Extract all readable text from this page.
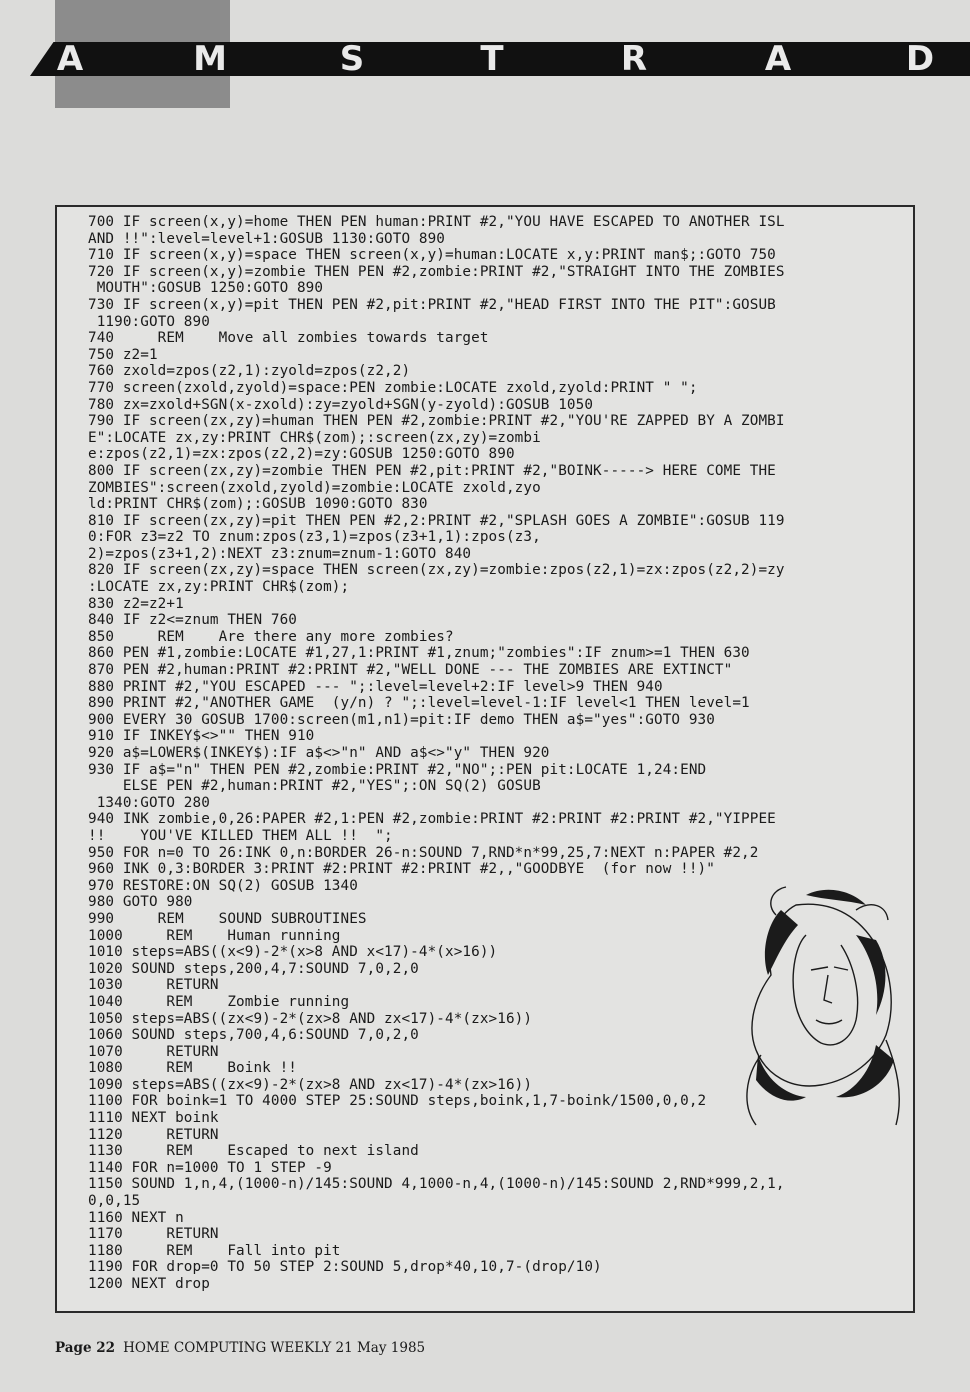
A	M	S	T	R	A	D
700 IF screen(x,y)=home THEN PEN human:PRINT #2,"YOU HAVE ESCAPED TO ANOTHER ISL
AND !!":level=level+1:GOSUB 1130:GOTO 890
710 IF screen(x,y)=space THEN screen(x,y)=human:LOCATE x,y:PRINT man$;:GOTO 750
720 IF screen(x,y)=zombie THEN PEN #2,zombie:PRINT #2,"STRAIGHT INTO THE ZOMBIES
MOUTH":GOSUB 1250:GOTO 890
730 IF screen(x,y)=pit THEN PEN #2,pit:PRINT #2,"HEAD FIRST INTO THE PIT":GOSUB
1190:GOTO 890
740     REM    Move all zombies towards target
750 z2=1
760 zxold=zpos(z2,1):zyold=zpos(z2,2)
770 screen(zxold,zyold)=space:PEN zombie:LOCATE zxold,zyold:PRINT " ";
780 zx=zxold+SGN(x-zxold):zy=zyold+SGN(y-zyold):GOSUB 1050
790 IF screen(zx,zy)=human THEN PEN #2,zombie:PRINT #2,"YOU'RE ZAPPED BY A ZOMBI
E":LOCATE zx,zy:PRINT CHR$(zom);:screen(zx,zy)=zombi
e:zpos(z2,1)=zx:zpos(z2,2)=zy:GOSUB 1250:GOTO 890
800 IF screen(zx,zy)=zombie THEN PEN #2,pit:PRINT #2,"BOINK-----> HERE COME THE
ZOMBIES":screen(zxold,zyold)=zombie:LOCATE zxold,zyo
ld:PRINT CHR$(zom);:GOSUB 1090:GOTO 830
810 IF screen(zx,zy)=pit THEN PEN #2,2:PRINT #2,"SPLASH GOES A ZOMBIE":GOSUB 119
0:FOR z3=z2 TO znum:zpos(z3,1)=zpos(z3+1,1):zpos(z3,
2)=zpos(z3+1,2):NEXT z3:znum=znum-1:GOTO 840
820 IF screen(zx,zy)=space THEN screen(zx,zy)=zombie:zpos(z2,1)=zx:zpos(z2,2)=zy
:LOCATE zx,zy:PRINT CHR$(zom);
830 z2=z2+1
840 IF z2<=znum THEN 760
850     REM    Are there any more zombies?
860 PEN #1,zombie:LOCATE #1,27,1:PRINT #1,znum;"zombies":IF znum>=1 THEN 630
870 PEN #2,human:PRINT #2:PRINT #2,"WELL DONE --- THE ZOMBIES ARE EXTINCT"
880 PRINT #2,"YOU ESCAPED --- ";:level=level+2:IF level>9 THEN 940
890 PRINT #2,"ANOTHER GAME  (y/n) ? ";:level=level-1:IF level<1 THEN level=1
900 EVERY 30 GOSUB 1700:screen(m1,n1)=pit:IF demo THEN a$="yes":GOTO 930
910 IF INKEY$<>"" THEN 910
920 a$=LOWER$(INKEY$):IF a$<>"n" AND a$<>"y" THEN 920
930 IF a$="n" THEN PEN #2,zombie:PRINT #2,"NO";:PEN pit:LOCATE 1,24:END
ELSE PEN #2,human:PRINT #2,"YES";:ON SQ(2) GOSUB
1340:GOTO 280
940 INK zombie,0,26:PAPER #2,1:PEN #2,zombie:PRINT #2:PRINT #2:PRINT #2,"YIPPEE
!!    YOU'VE KILLED THEM ALL !!  ";
950 FOR n=0 TO 26:INK 0,n:BORDER 26-n:SOUND 7,RND*n*99,25,7:NEXT n:PAPER #2,2
960 INK 0,3:BORDER 3:PRINT #2:PRINT #2:PRINT #2,,"GOODBYE  (for now !!)"
970 RESTORE:ON SQ(2) GOSUB 1340
980 GOTO 980
990     REM    SOUND SUBROUTINES
1000     REM    Human running
1010 steps=ABS((x<9)-2*(x>8 AND x<17)-4*(x>16))
1020 SOUND steps,200,4,7:SOUND 7,0,2,0
1030     RETURN
1040     REM    Zombie running
1050 steps=ABS((zx<9)-2*(zx>8 AND zx<17)-4*(zx>16))
1060 SOUND steps,700,4,6:SOUND 7,0,2,0
1070     RETURN
1080     REM    Boink !!
1090 steps=ABS((zx<9)-2*(zx>8 AND zx<17)-4*(zx>16))
1100 FOR boink=1 TO 4000 STEP 25:SOUND steps,boink,1,7-boink/1500,0,0,2
1110 NEXT boink
1120     RETURN
1130     REM    Escaped to next island
1140 FOR n=1000 TO 1 STEP -9
1150 SOUND 1,n,4,(1000-n)/145:SOUND 4,1000-n,4,(1000-n)/145:SOUND 2,RND*999,2,1,
0,0,15
1160 NEXT n
1170     RETURN
1180     REM    Fall into pit
1190 FOR drop=0 TO 50 STEP 2:SOUND 5,drop*40,10,7-(drop/10)
1200 NEXT drop
Page 22 HOME COMPUTING WEEKLY 21 May 1985
